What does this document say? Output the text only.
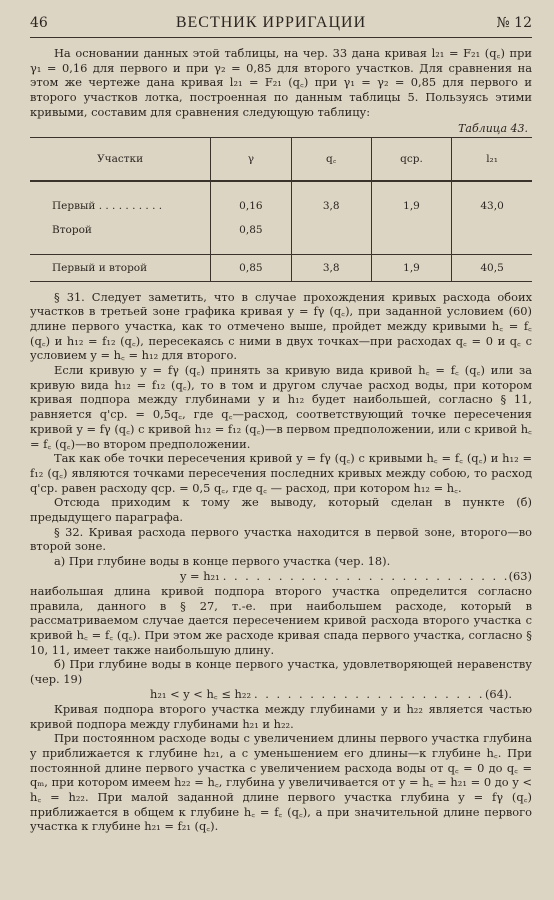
46	ВЕСТНИК ИРРИГАЦИИ	№ 12

На основании данных этой таблицы, на чер. 33 дана кривая l₂₁ = F₂₁ (q꜀) при γ₁ = 0,16 для первого и при γ₂ = 0,85 для второго участков. Для сравнения на этом же чертеже дана кривая l₂₁ = F₂₁ (q꜀) при γ₁ = γ₂ = 0,85 для первого и второго участков лотка, построенная по данным таблицы 5. Пользуясь этими кривыми, составим для сравнения следующую таблицу:

Таблица 43.
Участки	γ	q꜀	qср.	l₂₁

Первый . . . . . . . . . .	0,16	3,8	1,9	43,0
Второй	0,85			

Первый и второй	0,85	3,8	1,9	40,5

§ 31. Следует заметить, что в случае прохождения кривых расхода обоих участков в третьей зоне графика кривая y = fγ (q꜀), при заданной условием (60) длине первого участка, как то отмечено выше, пройдет между кривыми h꜀ = f꜀ (q꜀) и h₁₂ = f₁₂ (q꜀), пересекаясь с ними в двух точках—при расходах q꜀ = 0 и q꜀ с условием y = h꜀ = h₁₂ для второго.

Если кривую y = fγ (q꜀) принять за кривую вида кривой h꜀ = f꜀ (q꜀) или за кривую вида h₁₂ = f₁₂ (q꜀), то в том и другом случае расход воды, при котором кривая подпора между глубинами y и h₁₂ будет наибольшей, согласно § 11, равняется q'ср. = 0,5q꜀, где q꜀—расход, соответствующий точке пересечения кривой y = fγ (q꜀) с кривой h₁₂ = f₁₂ (q꜀)—в первом предположении, или с кривой h꜀ = f꜀ (q꜀)—во втором предположении.

Так как обе точки пересечения кривой y = fγ (q꜀) с кривыми h꜀ = f꜀ (q꜀) и h₁₂ = f₁₂ (q꜀) являются точками пересечения последних кривых между собою, то расход q'ср. равен расходу qср. = 0,5 q꜀, где q꜀ — расход, при котором h₁₂ = h꜀.

Отсюда приходим к тому же выводу, который сделан в пункте (б) предыдущего параграфа.

§ 32. Кривая расхода первого участка находится в первой зоне, второго—во второй зоне.

а) При глубине воды в конце первого участка (чер. 18).

y = h₂₁ . . .	(63)

наибольшая длина кривой подпора второго участка определится согласно правила, данного в § 27, т.-е. при наибольшем расходе, который в рассматриваемом случае дается пересечением кривой расхода второго участка с кривой h꜀ = f꜀ (q꜀). При этом же расходе кривая спада первого участка, согласно § 10, 11, имеет также наибольшую длину.

б) При глубине воды в конце первого участка, удовлетворяющей неравенству (чер. 19)

h₂₁ < y < h꜀ ≤ h₂₂ . . .	(64).

Кривая подпора второго участка между глубинами y и h₂₂ является частью кривой подпора между глубинами h₂₁ и h₂₂.

При постоянном расходе воды с увеличением длины первого участка глубина y приближается к глубине h₂₁, а с уменьшением его длины—к глубине h꜀. При постоянной длине первого участка с увеличением расхода воды от q꜀ = 0 до q꜀ = qₘ, при котором имеем h₂₂ = h꜀, глубина y увеличивается от y = h꜀ = h₂₁ = 0 до y < h꜀ = h₂₂. При малой заданной длине первого участка глубина y = fγ (q꜀) приближается в общем к глубине h꜀ = f꜀ (q꜀), а при значительной длине первого участка к глубине h₂₁ = f₂₁ (q꜀).
